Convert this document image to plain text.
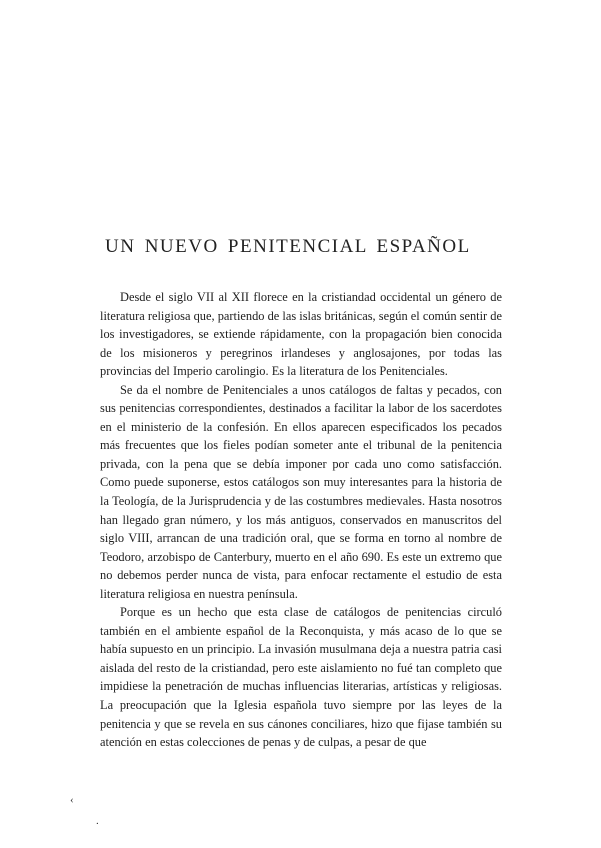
UN NUEVO PENITENCIAL ESPAÑOL

Desde el siglo VII al XII florece en la cristiandad occidental un género de literatura religiosa que, partiendo de las islas británicas, según el común sentir de los investigadores, se extiende rápidamente, con la propagación bien conocida de los misioneros y peregrinos irlandeses y anglosajones, por todas las provincias del Imperio carolingio. Es la literatura de los Penitenciales.

Se da el nombre de Penitenciales a unos catálogos de faltas y pecados, con sus penitencias correspondientes, destinados a facilitar la labor de los sacerdotes en el ministerio de la confesión. En ellos aparecen especificados los pecados más frecuentes que los fieles podían someter ante el tribunal de la penitencia privada, con la pena que se debía imponer por cada uno como satisfacción. Como puede suponerse, estos catálogos son muy interesantes para la historia de la Teología, de la Jurisprudencia y de las costumbres medievales. Hasta nosotros han llegado gran número, y los más antiguos, conservados en manuscritos del siglo VIII, arrancan de una tradición oral, que se forma en torno al nombre de Teodoro, arzobispo de Canterbury, muerto en el año 690. Es este un extremo que no debemos perder nunca de vista, para enfocar rectamente el estudio de esta literatura religiosa en nuestra península.

Porque es un hecho que esta clase de catálogos de penitencias circuló también en el ambiente español de la Reconquista, y más acaso de lo que se había supuesto en un principio. La invasión musulmana deja a nuestra patria casi aislada del resto de la cristiandad, pero este aislamiento no fué tan completo que impidiese la penetración de muchas influencias literarias, artísticas y religiosas. La preocupación que la Iglesia española tuvo siempre por las leyes de la penitencia y que se revela en sus cánones conciliares, hizo que fijase también su atención en estas colecciones de penas y de culpas, a pesar de que

‹
.
